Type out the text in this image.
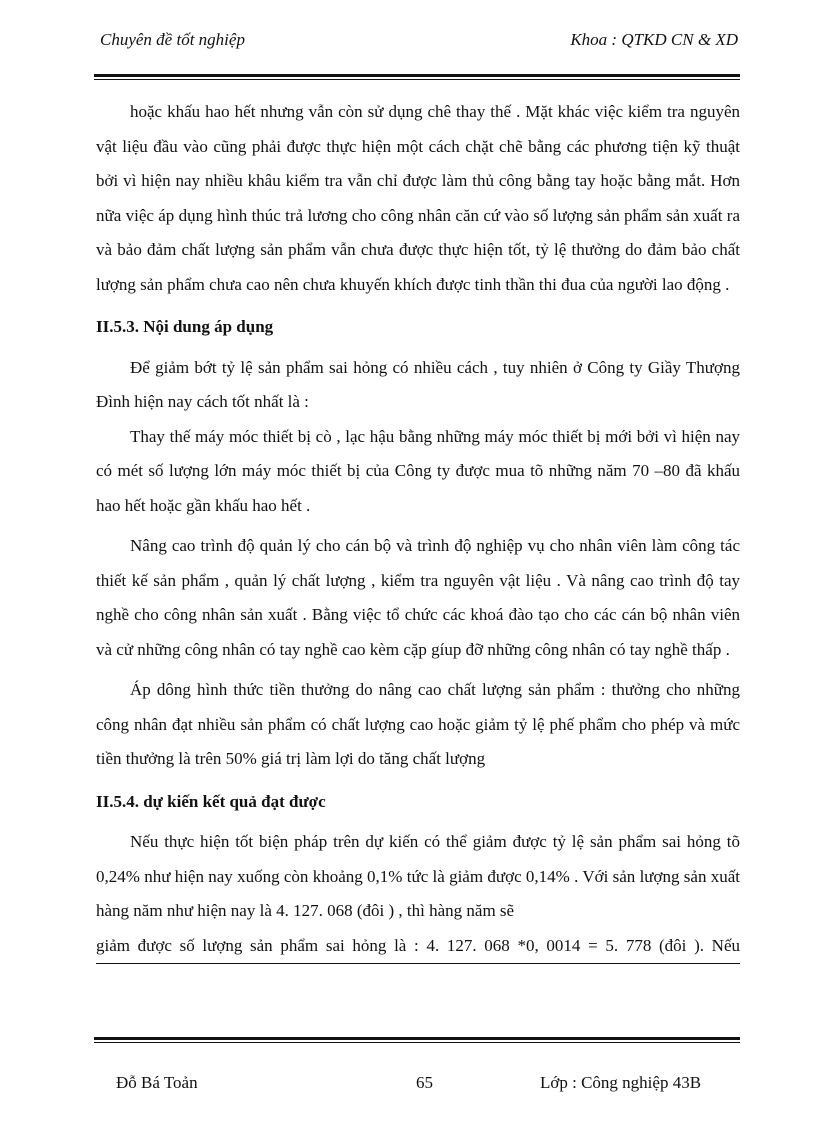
Chuyên đề tốt nghiệp	Khoa : QTKD CN & XD

hoặc khấu hao hết nhưng vẫn còn sử dụng chê thay thế . Mặt khác việc kiểm tra nguyên vật liệu đầu vào cũng phải được thực hiện một cách chặt chẽ bằng các phương tiện kỹ thuật bởi vì hiện nay nhiều khâu kiểm tra vẫn chỉ được làm thủ công bằng tay hoặc bằng mắt. Hơn nữa việc áp dụng hình thúc trả lương cho công nhân căn cứ vào số lượng sản phẩm sản xuất ra và bảo đảm chất lượng sản phẩm vẫn chưa được thực hiện tốt, tỷ lệ thưởng do đảm bảo chất lượng sản phẩm chưa cao nên chưa khuyến khích được tinh thần thi đua của người lao động .

II.5.3. Nội dung áp dụng

Để giảm bớt tỷ lệ sản phẩm sai hỏng có nhiều cách , tuy nhiên ở Công ty Giầy Thượng Đình hiện nay cách tốt nhất là :

Thay thế máy móc thiết bị cò , lạc hậu bằng những máy móc thiết bị mới bởi vì hiện nay có mét số lượng lớn máy móc thiết bị của Công ty được mua tõ những năm 70 –80 đã khấu hao hết hoặc gần khấu hao hết .

Nâng cao trình độ quản lý cho cán bộ và trình độ nghiệp vụ cho nhân viên làm công tác thiết kế sản phẩm , quản lý chất lượng , kiểm tra nguyên vật liệu . Và nâng cao trình độ tay nghề cho công nhân sản xuất . Bằng việc tổ chức các khoá đào tạo cho các cán bộ nhân viên và cử những công nhân có tay nghề cao kèm cặp gíup đỡ những công nhân có tay nghề thấp .

Áp dông hình thức tiền thưởng do nâng cao chất lượng sản phẩm : thưởng cho những công nhân đạt nhiều sản phẩm có chất lượng cao hoặc giảm tỷ lệ phế phẩm cho phép và mức tiền thưởng là trên 50% giá trị làm lợi do tăng chất lượng

II.5.4. dự kiến kết quả đạt được

Nếu thực hiện tốt biện pháp trên dự kiến có thể giảm được tỷ lệ sản phẩm sai hỏng tõ 0,24% như hiện nay xuống còn khoảng 0,1% tức là giảm được 0,14% . Với sản lượng sản xuất hàng năm như hiện nay là 4. 127. 068 (đôi ) , thì hàng năm sẽ

giảm được số lượng sản phẩm sai hỏng là : 4. 127. 068 *0, 0014 = 5. 778 (đôi ). Nếu

Đỗ Bá Toản	65	Lớp : Công nghiệp 43B
